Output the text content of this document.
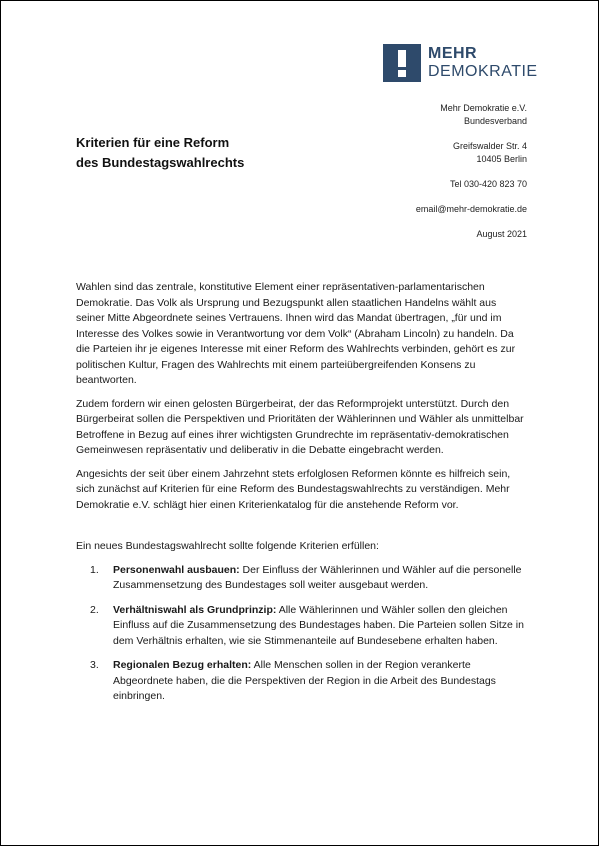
MEHR
DEMOKRATIE
Mehr Demokratie e.V.
Bundesverband
Greifswalder Str. 4
10405 Berlin
Tel 030-420 823 70
email@mehr-demokratie.de
August 2021
Kriterien für eine Reform
des Bundestagswahlrechts

Wahlen sind das zentrale, konstitutive Element einer repräsentativen-parlamentarischen Demokratie. Das Volk als Ursprung und Bezugspunkt allen staatlichen Handelns wählt aus seiner Mitte Abgeordnete seines Vertrauens. Ihnen wird das Mandat übertragen, „für und im Interesse des Volkes sowie in Verantwortung vor dem Volk“ (Abraham Lincoln) zu handeln. Da die Parteien ihr je eigenes Interesse mit einer Reform des Wahlrechts verbinden, gehört es zur politischen Kultur, Fragen des Wahlrechts mit einem parteiübergreifenden Konsens zu beantworten.

Zudem fordern wir einen gelosten Bürgerbeirat, der das Reformprojekt unterstützt. Durch den Bürgerbeirat sollen die Perspektiven und Prioritäten der Wählerinnen und Wähler als unmittelbar Betroffene in Bezug auf eines ihrer wichtigsten Grundrechte im repräsentativ-demokratischen Gemeinwesen repräsentativ und deliberativ in die Debatte eingebracht werden.

Angesichts der seit über einem Jahrzehnt stets erfolglosen Reformen könnte es hilfreich sein, sich zunächst auf Kriterien für eine Reform des Bundestagswahlrechts zu verständigen. Mehr Demokratie e.V. schlägt hier einen Kriterienkatalog für die anstehende Reform vor.

Ein neues Bundestagswahlrecht sollte folgende Kriterien erfüllen:

1.	Personenwahl ausbauen: Der Einfluss der Wählerinnen und Wähler auf die personelle Zusammensetzung des Bundestages soll weiter ausgebaut werden.
2.	Verhältniswahl als Grundprinzip: Alle Wählerinnen und Wähler sollen den gleichen Einfluss auf die Zusammensetzung des Bundestages haben. Die Parteien sollen Sitze in dem Verhältnis erhalten, wie sie Stimmenanteile auf Bundesebene erhalten haben.
3.	Regionalen Bezug erhalten: Alle Menschen sollen in der Region verankerte Abgeordnete haben, die die Perspektiven der Region in die Arbeit des Bundestags einbringen.
